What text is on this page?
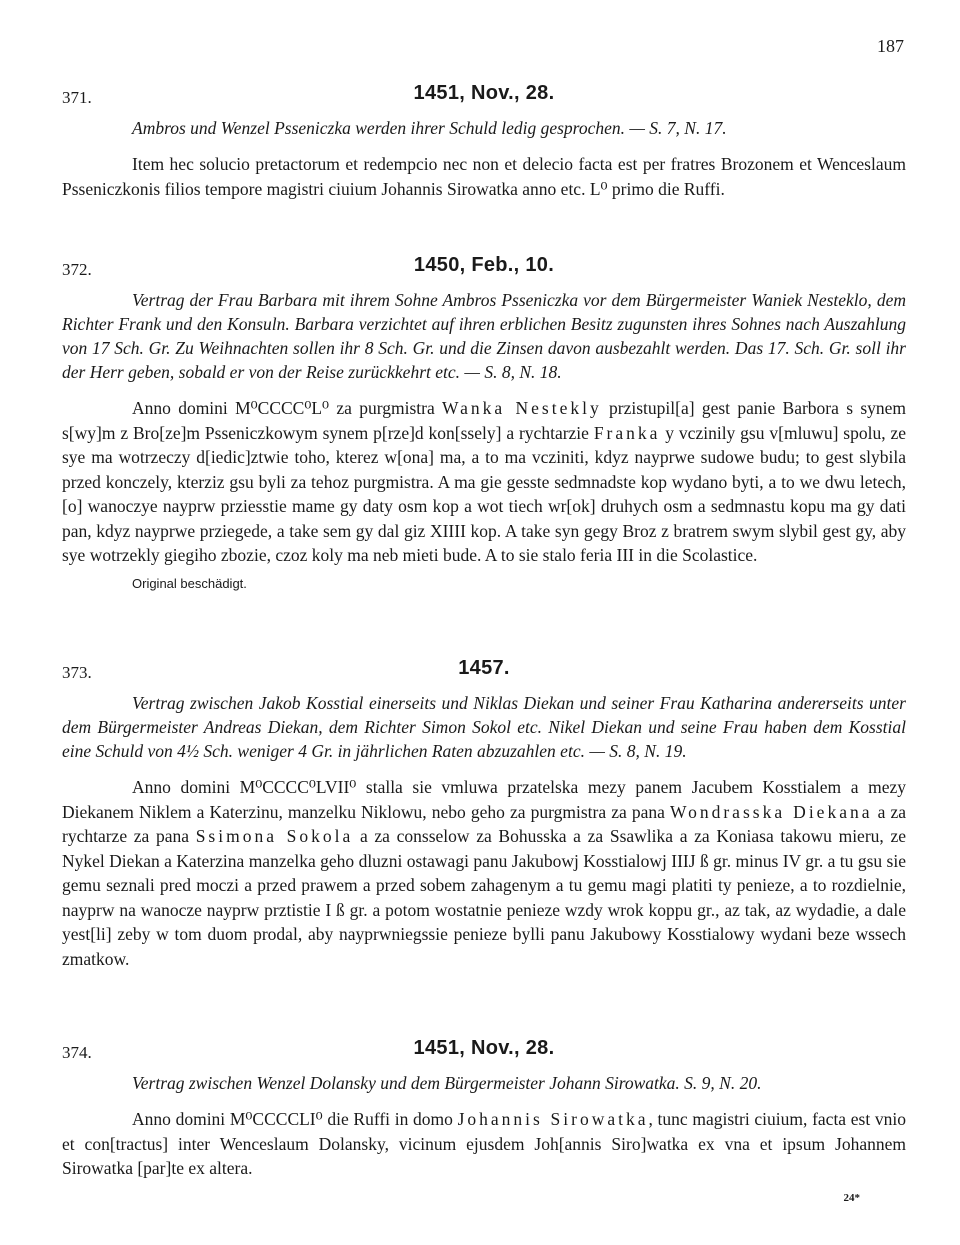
187
371.	1451, Nov., 28.

Ambros und Wenzel Psseniczka werden ihrer Schuld ledig gesprochen. — S. 7, N. 17.

Item hec solucio pretactorum et redempcio nec non et delecio facta est per fratres Brozonem et Wenceslaum Psseniczkonis filios tempore magistri ciuium Johannis Sirowatka anno etc. L⁰ primo die Ruffi.

372.	1450, Feb., 10.

Vertrag der Frau Barbara mit ihrem Sohne Ambros Psseniczka vor dem Bürgermeister Waniek Nesteklo, dem Richter Frank und den Konsuln. Barbara verzichtet auf ihren erblichen Besitz zugunsten ihres Sohnes nach Auszahlung von 17 Sch. Gr. Zu Weihnachten sollen ihr 8 Sch. Gr. und die Zinsen davon ausbezahlt werden. Das 17. Sch. Gr. soll ihr der Herr geben, sobald er von der Reise zurückkehrt etc. — S. 8, N. 18.

Anno domini M⁰CCCC⁰L⁰ za purgmistra Wanka Nestekly przistupil[a] gest panie Barbora s synem s[wy]m z Bro[ze]m Psseniczkowym synem p[rze]d kon[ssely] a rychtarzie Franka y vczinily gsu v[mluwu] spolu, ze sye ma wotrzeczy d[iedic]ztwie toho, kterez w[ona] ma, a to ma vcziniti, kdyz nayprwe sudowe budu; to gest slybila przed konczely, kterziz gsu byli za tehoz purgmistra. A ma gie gesste sedmnadste kop wydano byti, a to we dwu letech, [o] wanoczye nayprw prziesstie mame gy daty osm kop a wot tiech wr[ok] druhych osm a sedmnastu kopu ma gy dati pan, kdyz nayprwe prziegede, a take sem gy dal giz XIIII kop. A take syn gegy Broz z bratrem swym slybil gest gy, aby sye wotrzekly giegiho zbozie, czoz koly ma neb mieti bude. A to sie stalo feria III in die Scolastice.

Original beschädigt.
373.	1457.

Vertrag zwischen Jakob Kosstial einerseits und Niklas Diekan und seiner Frau Katharina andererseits unter dem Bürgermeister Andreas Diekan, dem Richter Simon Sokol etc. Nikel Diekan und seine Frau haben dem Kosstial eine Schuld von 4½ Sch. weniger 4 Gr. in jährlichen Raten abzuzahlen etc. — S. 8, N. 19.

Anno domini M⁰CCCC⁰LVII⁰ stalla sie vmluwa przatelska mezy panem Jacubem Kosstialem a mezy Diekanem Niklem a Katerzinu, manzelku Niklowu, nebo geho za purgmistra za pana Wondrasska Diekana a za rychtarze za pana Ssimona Sokola a za consselow za Bohusska a za Ssawlika a za Koniasa takowu mieru, ze Nykel Diekan a Katerzina manzelka geho dluzni ostawagi panu Jakubowj Kosstialowj IIIJ ß gr. minus IV gr. a tu gsu sie gemu seznali pred moczi a przed prawem a przed sobem zahagenym a tu gemu magi platiti ty penieze, a to rozdielnie, nayprw na wanocze nayprw prztistie I ß gr. a potom wostatnie penieze wzdy wrok koppu gr., az tak, az wydadie, a dale yest[li] zeby w tom duom prodal, aby nayprwniegssie penieze bylli panu Jakubowy Kosstialowy wydani beze wssech zmatkow.

374.	1451, Nov., 28.

Vertrag zwischen Wenzel Dolansky und dem Bürgermeister Johann Sirowatka. S. 9, N. 20.

Anno domini M⁰CCCCLI⁰ die Ruffi in domo Johannis Sirowatka, tunc magistri ciuium, facta est vnio et con[tractus] inter Wenceslaum Dolansky, vicinum ejusdem Joh[annis Siro]watka ex vna et ipsum Johannem Sirowatka [par]te ex altera.

24*
